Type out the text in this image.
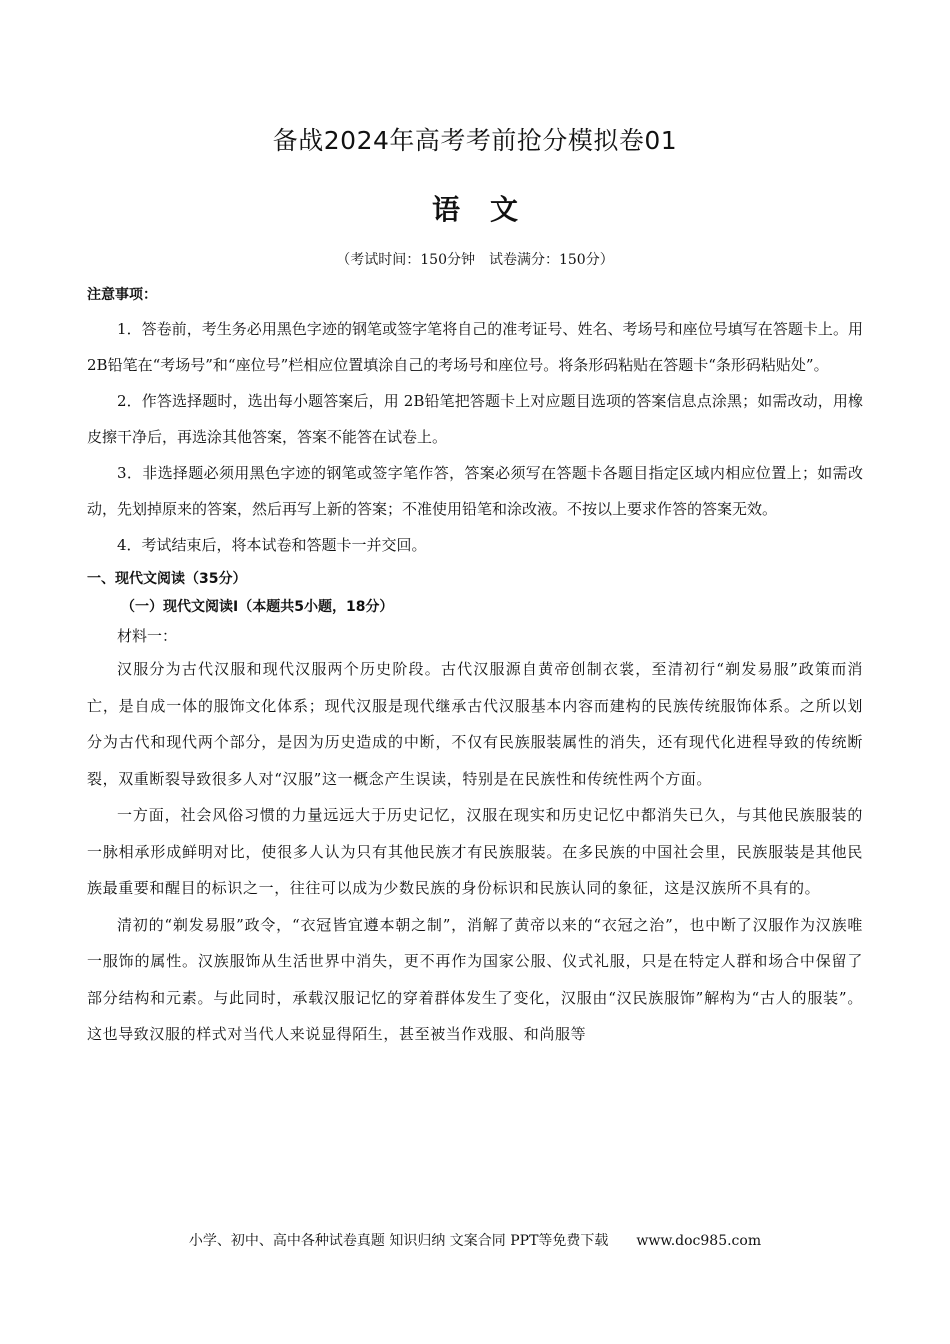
备战2024年高考考前抢分模拟卷01
语文
（考试时间：150分钟　试卷满分：150分）
注意事项：

1．答卷前，考生务必用黑色字迹的钢笔或签字笔将自己的准考证号、姓名、考场号和座位号填写在答题卡上。用 2B铅笔在“考场号”和“座位号”栏相应位置填涂自己的考场号和座位号。将条形码粘贴在答题卡“条形码粘贴处”。

2．作答选择题时，选出每小题答案后，用 2B铅笔把答题卡上对应题目选项的答案信息点涂黑；如需改动，用橡皮擦干净后，再选涂其他答案，答案不能答在试卷上。

3．非选择题必须用黑色字迹的钢笔或签字笔作答，答案必须写在答题卡各题目指定区域内相应位置上；如需改动，先划掉原来的答案，然后再写上新的答案；不准使用铅笔和涂改液。不按以上要求作答的答案无效。

4．考试结束后，将本试卷和答题卡一并交回。

一、现代文阅读（35分）
（一）现代文阅读Ⅰ（本题共5小题，18分）
材料一：

汉服分为古代汉服和现代汉服两个历史阶段。古代汉服源自黄帝创制衣裳，至清初行“剃发易服”政策而消亡，是自成一体的服饰文化体系；现代汉服是现代继承古代汉服基本内容而建构的民族传统服饰体系。之所以划分为古代和现代两个部分，是因为历史造成的中断，不仅有民族服装属性的消失，还有现代化进程导致的传统断裂，双重断裂导致很多人对“汉服”这一概念产生误读，特别是在民族性和传统性两个方面。

一方面，社会风俗习惯的力量远远大于历史记忆，汉服在现实和历史记忆中都消失已久，与其他民族服装的一脉相承形成鲜明对比，使很多人认为只有其他民族才有民族服装。在多民族的中国社会里，民族服装是其他民族最重要和醒目的标识之一，往往可以成为少数民族的身份标识和民族认同的象征，这是汉族所不具有的。

清初的“剃发易服”政令，“衣冠皆宜遵本朝之制”，消解了黄帝以来的“衣冠之治”，也中断了汉服作为汉族唯一服饰的属性。汉族服饰从生活世界中消失，更不再作为国家公服、仪式礼服，只是在特定人群和场合中保留了部分结构和元素。与此同时，承载汉服记忆的穿着群体发生了变化，汉服由“汉民族服饰”解构为“古人的服装”。这也导致汉服的样式对当代人来说显得陌生，甚至被当作戏服、和尚服等

小学、初中、高中各种试卷真题 知识归纳 文案合同 PPT等免费下载　　www.doc985.com
